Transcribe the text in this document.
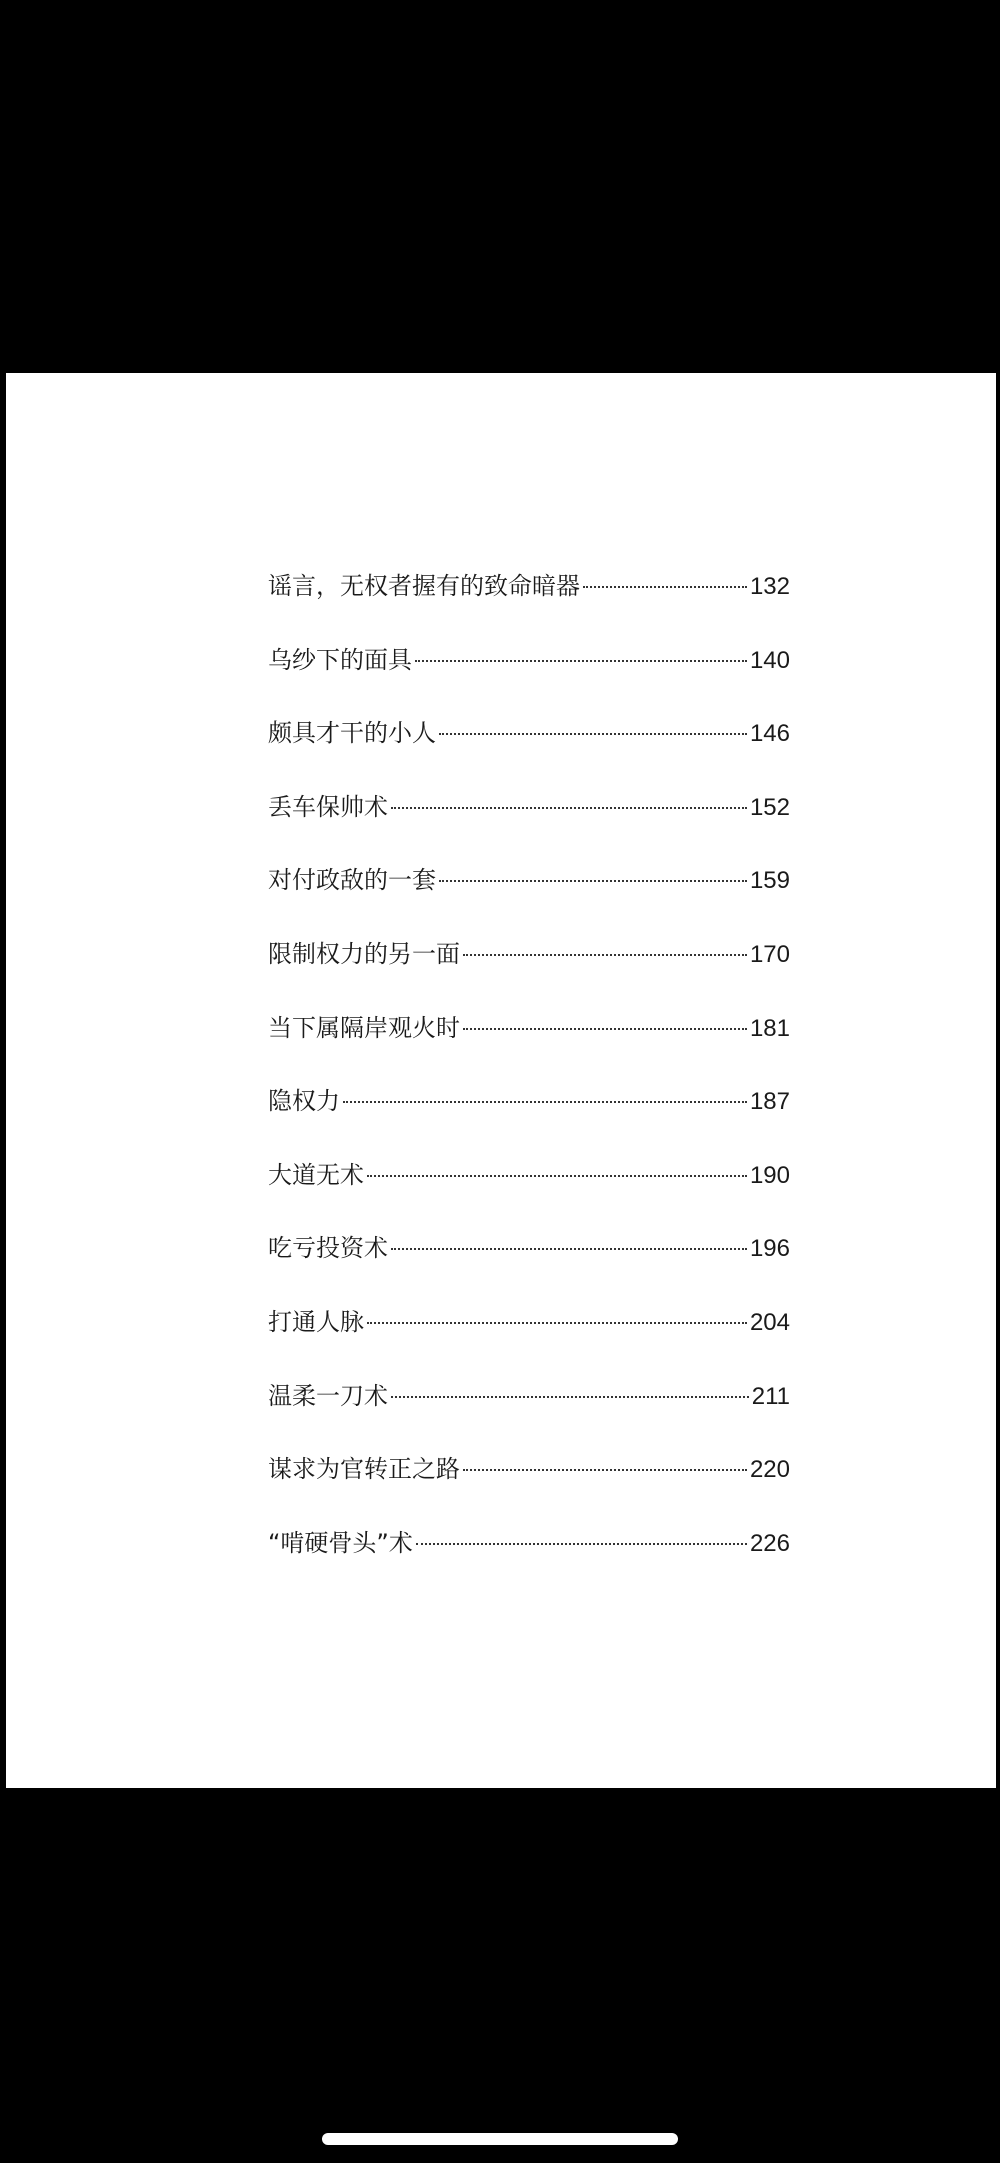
谣言，无权者握有的致命暗器	132
乌纱下的面具	140
颇具才干的小人	146
丢车保帅术	152
对付政敌的一套	159
限制权力的另一面	170
当下属隔岸观火时	181
隐权力	187
大道无术	190
吃亏投资术	196
打通人脉	204
温柔一刀术	211
谋求为官转正之路	220
“啃硬骨头”术	226
